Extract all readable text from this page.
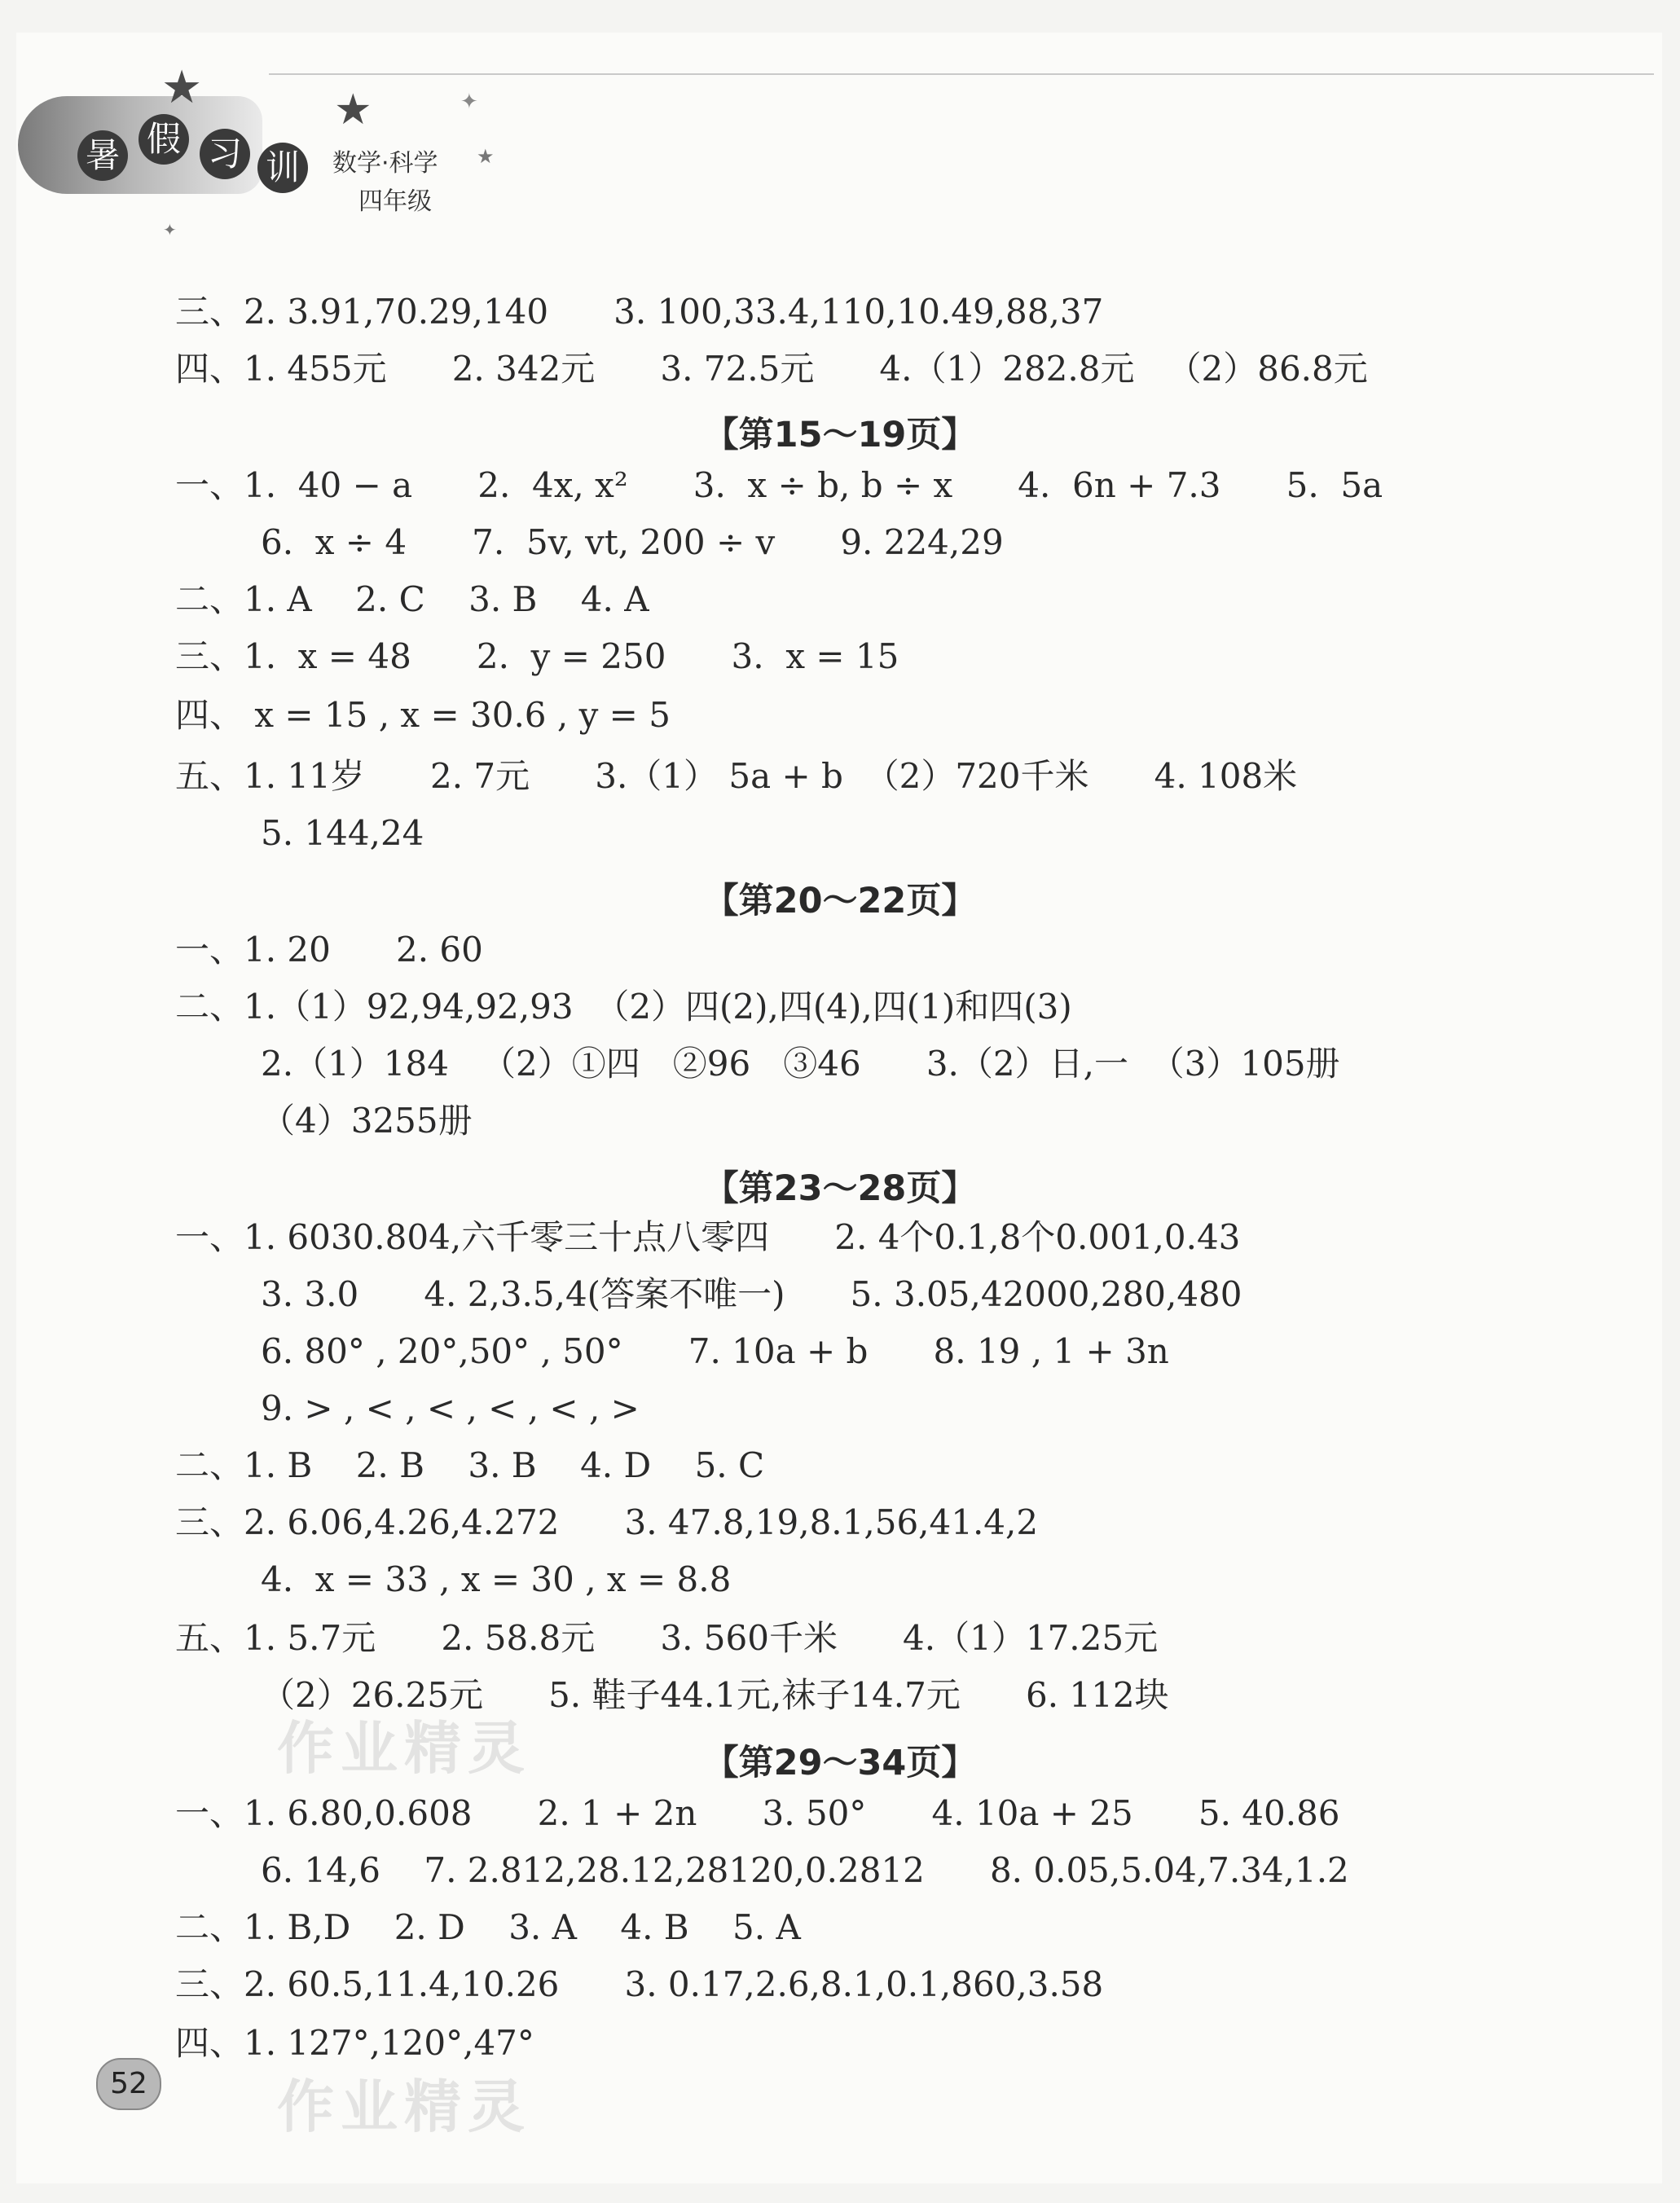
暑 假 习 训
★	★	✦
★
✦
数学·科学
四年级
三、2. 3.91,70.29,140      3. 100,33.4,110,10.49,88,37
四、1. 455元      2. 342元      3. 72.5元      4.（1）282.8元   （2）86.8元
【第15～19页】
一、1.  40 − a      2.  4x, x²      3.  x ÷ b, b ÷ x      4.  6n + 7.3      5.  5a
6.  x ÷ 4      7.  5v, vt, 200 ÷ v      9. 224,29
二、1. A    2. C    3. B    4. A
三、1.  x = 48      2.  y = 250      3.  x = 15
四、 x = 15 , x = 30.6 , y = 5
五、1. 11岁      2. 7元      3.（1） 5a + b  （2）720千米      4. 108米
5. 144,24
【第20～22页】
一、1. 20      2. 60
二、1.（1）92,94,92,93  （2）四(2),四(4),四(1)和四(3)
2.（1）184   （2）①四   ②96   ③46      3.（2）日,一  （3）105册
（4）3255册
【第23～28页】
一、1. 6030.804,六千零三十点八零四      2. 4个0.1,8个0.001,0.43
3. 3.0      4. 2,3.5,4(答案不唯一)      5. 3.05,42000,280,480
6. 80° , 20°,50° , 50°      7. 10a + b      8. 19 , 1 + 3n
9. > , < , < , < , < , >
二、1. B    2. B    3. B    4. D    5. C
三、2. 6.06,4.26,4.272      3. 47.8,19,8.1,56,41.4,2
4.  x = 33 , x = 30 , x = 8.8
五、1. 5.7元      2. 58.8元      3. 560千米      4.（1）17.25元
（2）26.25元      5. 鞋子44.1元,袜子14.7元      6. 112块
【第29～34页】
一、1. 6.80,0.608      2. 1 + 2n      3. 50°      4. 10a + 25      5. 40.86
6. 14,6    7. 2.812,28.12,28120,0.2812      8. 0.05,5.04,7.34,1.2
二、1. B,D    2. D    3. A    4. B    5. A
三、2. 60.5,11.4,10.26      3. 0.17,2.6,8.1,0.1,860,3.58
四、1. 127°,120°,47°
作业精灵
作业精灵
52
